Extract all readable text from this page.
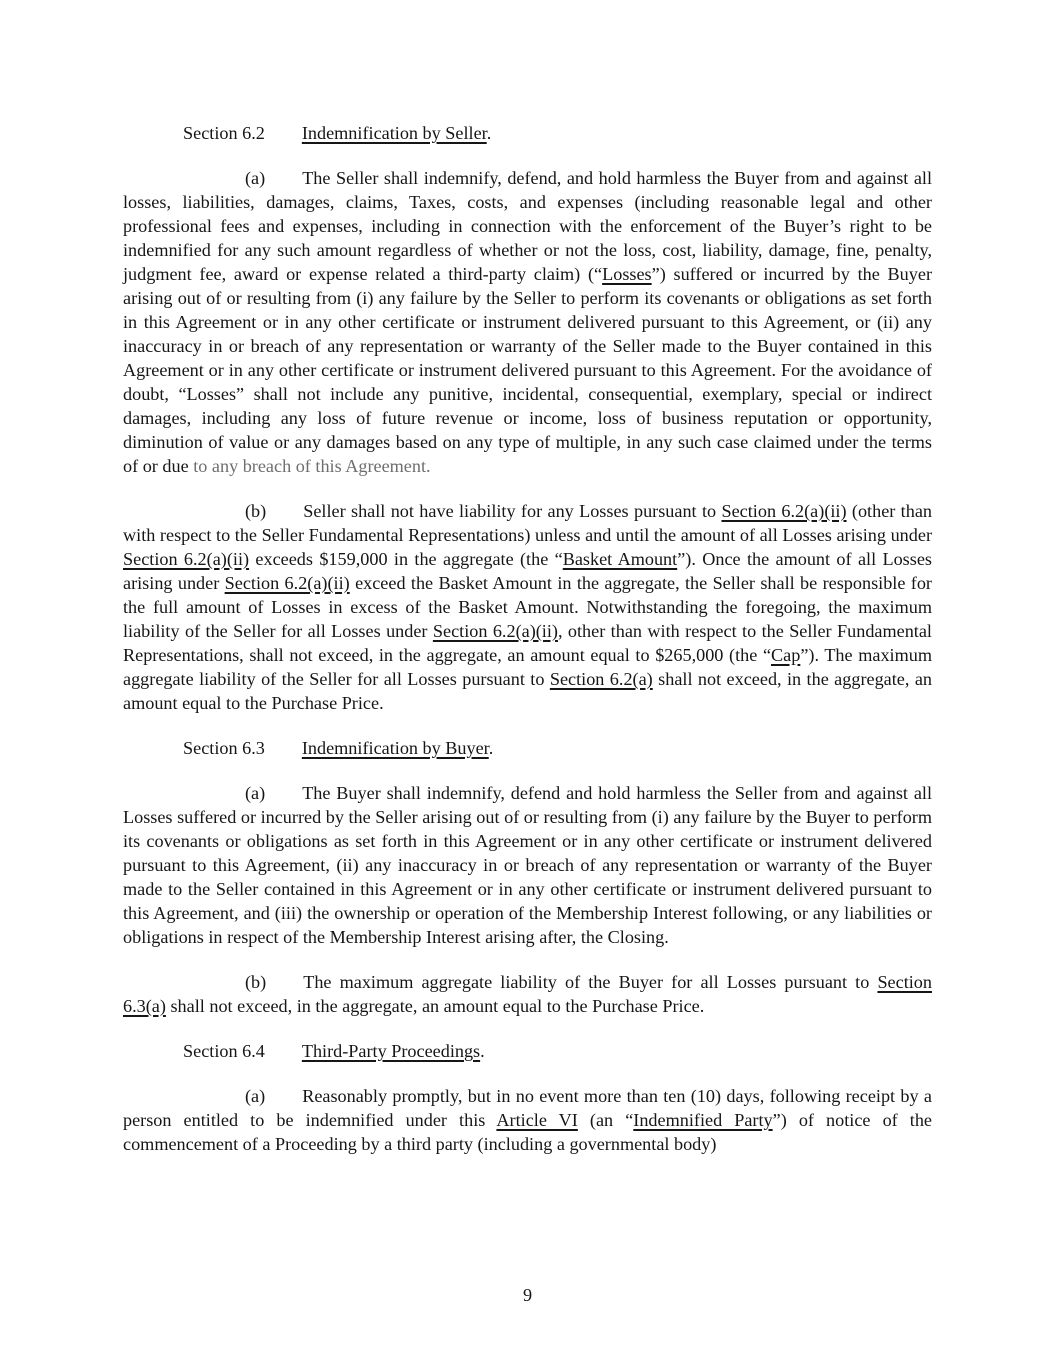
Section 6.2 Indemnification by Seller.

(a) The Seller shall indemnify, defend, and hold harmless the Buyer from and against all losses, liabilities, damages, claims, Taxes, costs, and expenses (including reasonable legal and other professional fees and expenses, including in connection with the enforcement of the Buyer’s right to be indemnified for any such amount regardless of whether or not the loss, cost, liability, damage, fine, penalty, judgment fee, award or expense related a third-party claim) (“Losses”) suffered or incurred by the Buyer arising out of or resulting from (i) any failure by the Seller to perform its covenants or obligations as set forth in this Agreement or in any other certificate or instrument delivered pursuant to this Agreement, or (ii) any inaccuracy in or breach of any representation or warranty of the Seller made to the Buyer contained in this Agreement or in any other certificate or instrument delivered pursuant to this Agreement. For the avoidance of doubt, “Losses” shall not include any punitive, incidental, consequential, exemplary, special or indirect damages, including any loss of future revenue or income, loss of business reputation or opportunity, diminution of value or any damages based on any type of multiple, in any such case claimed under the terms of or due to any breach of this Agreement.

(b) Seller shall not have liability for any Losses pursuant to Section 6.2(a)(ii) (other than with respect to the Seller Fundamental Representations) unless and until the amount of all Losses arising under Section 6.2(a)(ii) exceeds $159,000 in the aggregate (the “Basket Amount”). Once the amount of all Losses arising under Section 6.2(a)(ii) exceed the Basket Amount in the aggregate, the Seller shall be responsible for the full amount of Losses in excess of the Basket Amount. Notwithstanding the foregoing, the maximum liability of the Seller for all Losses under Section 6.2(a)(ii), other than with respect to the Seller Fundamental Representations, shall not exceed, in the aggregate, an amount equal to $265,000 (the “Cap”). The maximum aggregate liability of the Seller for all Losses pursuant to Section 6.2(a) shall not exceed, in the aggregate, an amount equal to the Purchase Price.

Section 6.3 Indemnification by Buyer.

(a) The Buyer shall indemnify, defend and hold harmless the Seller from and against all Losses suffered or incurred by the Seller arising out of or resulting from (i) any failure by the Buyer to perform its covenants or obligations as set forth in this Agreement or in any other certificate or instrument delivered pursuant to this Agreement, (ii) any inaccuracy in or breach of any representation or warranty of the Buyer made to the Seller contained in this Agreement or in any other certificate or instrument delivered pursuant to this Agreement, and (iii) the ownership or operation of the Membership Interest following, or any liabilities or obligations in respect of the Membership Interest arising after, the Closing.

(b) The maximum aggregate liability of the Buyer for all Losses pursuant to Section 6.3(a) shall not exceed, in the aggregate, an amount equal to the Purchase Price.

Section 6.4 Third-Party Proceedings.

(a) Reasonably promptly, but in no event more than ten (10) days, following receipt by a person entitled to be indemnified under this Article VI (an “Indemnified Party”) of notice of the commencement of a Proceeding by a third party (including a governmental body)

9
